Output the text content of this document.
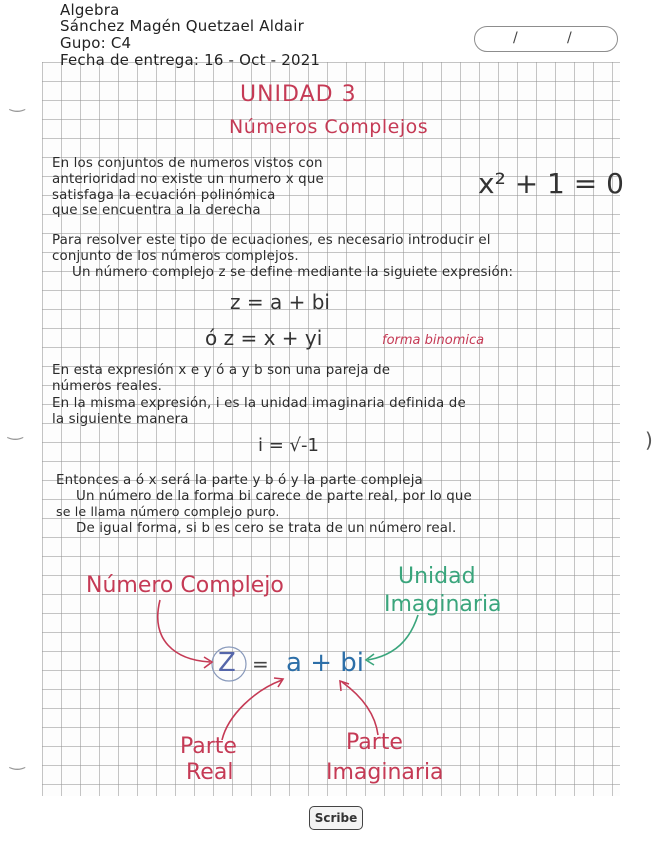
‿
‿
‿
)
Algebra
Sánchez Magén Quetzael Aldair
Gupo: C4
Fecha de entrega: 16 - Oct - 2021
/	/
UNIDAD 3
Números Complejos
En los conjuntos de numeros vistos con
anterioridad no existe un numero x que
satisfaga la ecuación polinómica
que se encuentra a la derecha
x² + 1 = 0
Para resolver este tipo de ecuaciones, es necesario introducir el
conjunto de los números complejos.
Un número complejo z se define mediante la siguiete expresión:
z = a + bi
ó z = x + yi	forma binomica
En esta expresión x e y ó a y b son una pareja de
números reales.
En la misma expresión, i es la unidad imaginaria definida de
la siguiente manera
i = √-1
Entonces a ó x será la parte y b ó y la parte compleja
Un número de la forma bi carece de parte real, por lo que
se le llama número complejo puro.
De igual forma, si b es cero se trata de un número real.
Número Complejo	Unidad
Imaginaria
Z = a + bi
Parte
Real
Parte
Imaginaria
Scribe
